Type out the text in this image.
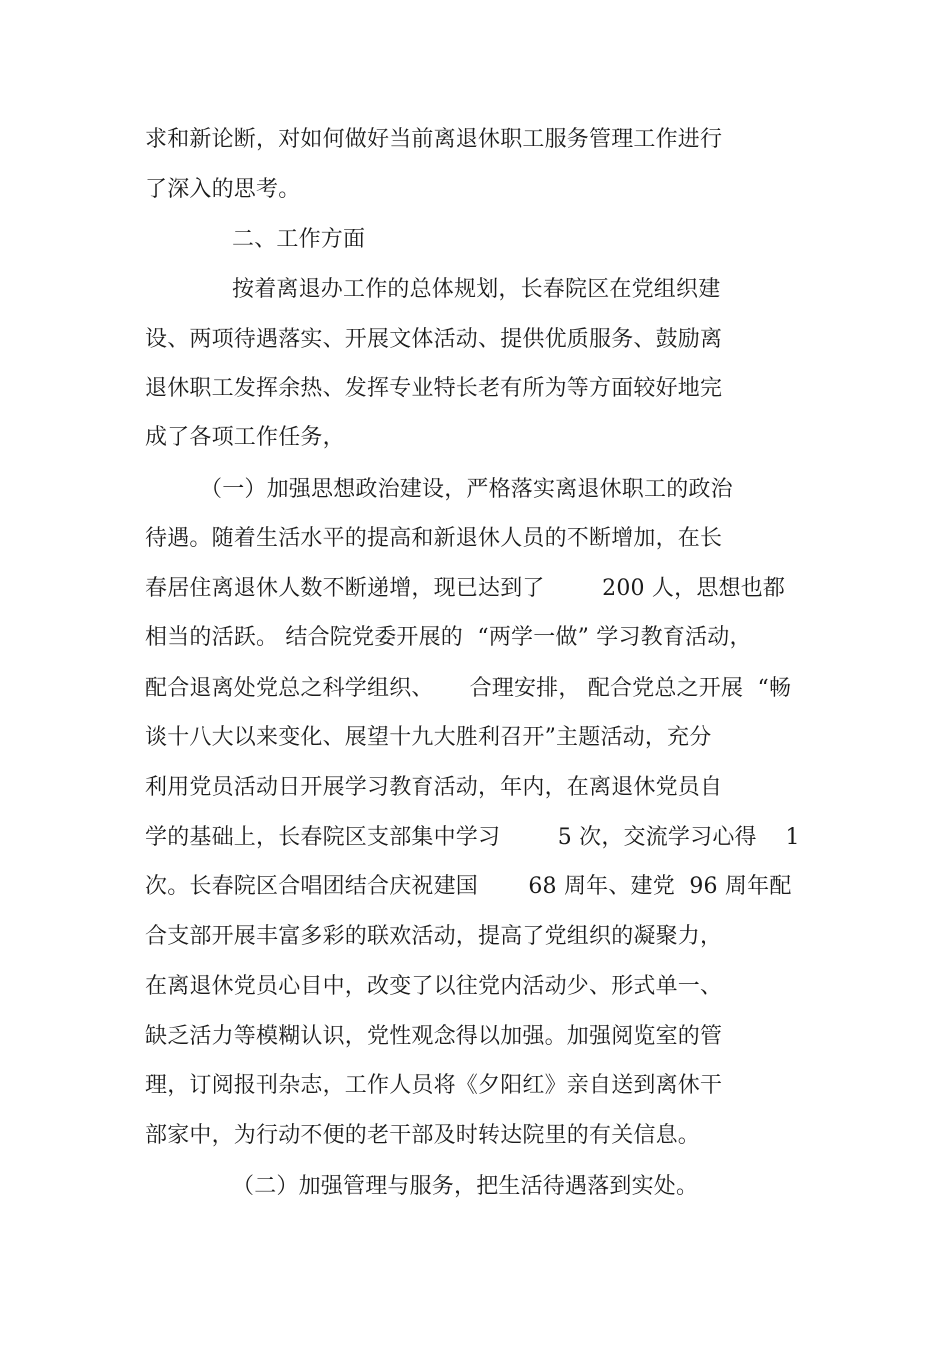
求和新论断，对如何做好当前离退休职工服务管理工作进行
了深入的思考。
二、工作方面
按着离退办工作的总体规划，长春院区在党组织建
设、两项待遇落实、开展文体活动、提供优质服务、鼓励离
退休职工发挥余热、发挥专业特长老有所为等方面较好地完
成了各项工作任务，
（一）加强思想政治建设，严格落实离退休职工的政治
待遇。随着生活水平的提高和新退休人员的不断增加，在长
春居住离退休人数不断递增，现已达到了        200 人，思想也都
相当的活跃。 结合院党委开展的  “两学一做” 学习教育活动，
配合退离处党总之科学组织、     合理安排， 配合党总之开展  “畅
谈十八大以来变化、展望十九大胜利召开”主题活动，充分
利用党员活动日开展学习教育活动，年内，在离退休党员自
学的基础上，长春院区支部集中学习        5 次，交流学习心得    1
次。长春院区合唱团结合庆祝建国       68 周年、建党  96 周年配
合支部开展丰富多彩的联欢活动，提高了党组织的凝聚力，
在离退休党员心目中，改变了以往党内活动少、形式单一、
缺乏活力等模糊认识，党性观念得以加强。加强阅览室的管
理，订阅报刊杂志，工作人员将《夕阳红》亲自送到离休干
部家中，为行动不便的老干部及时转达院里的有关信息。
（二）加强管理与服务，把生活待遇落到实处。
